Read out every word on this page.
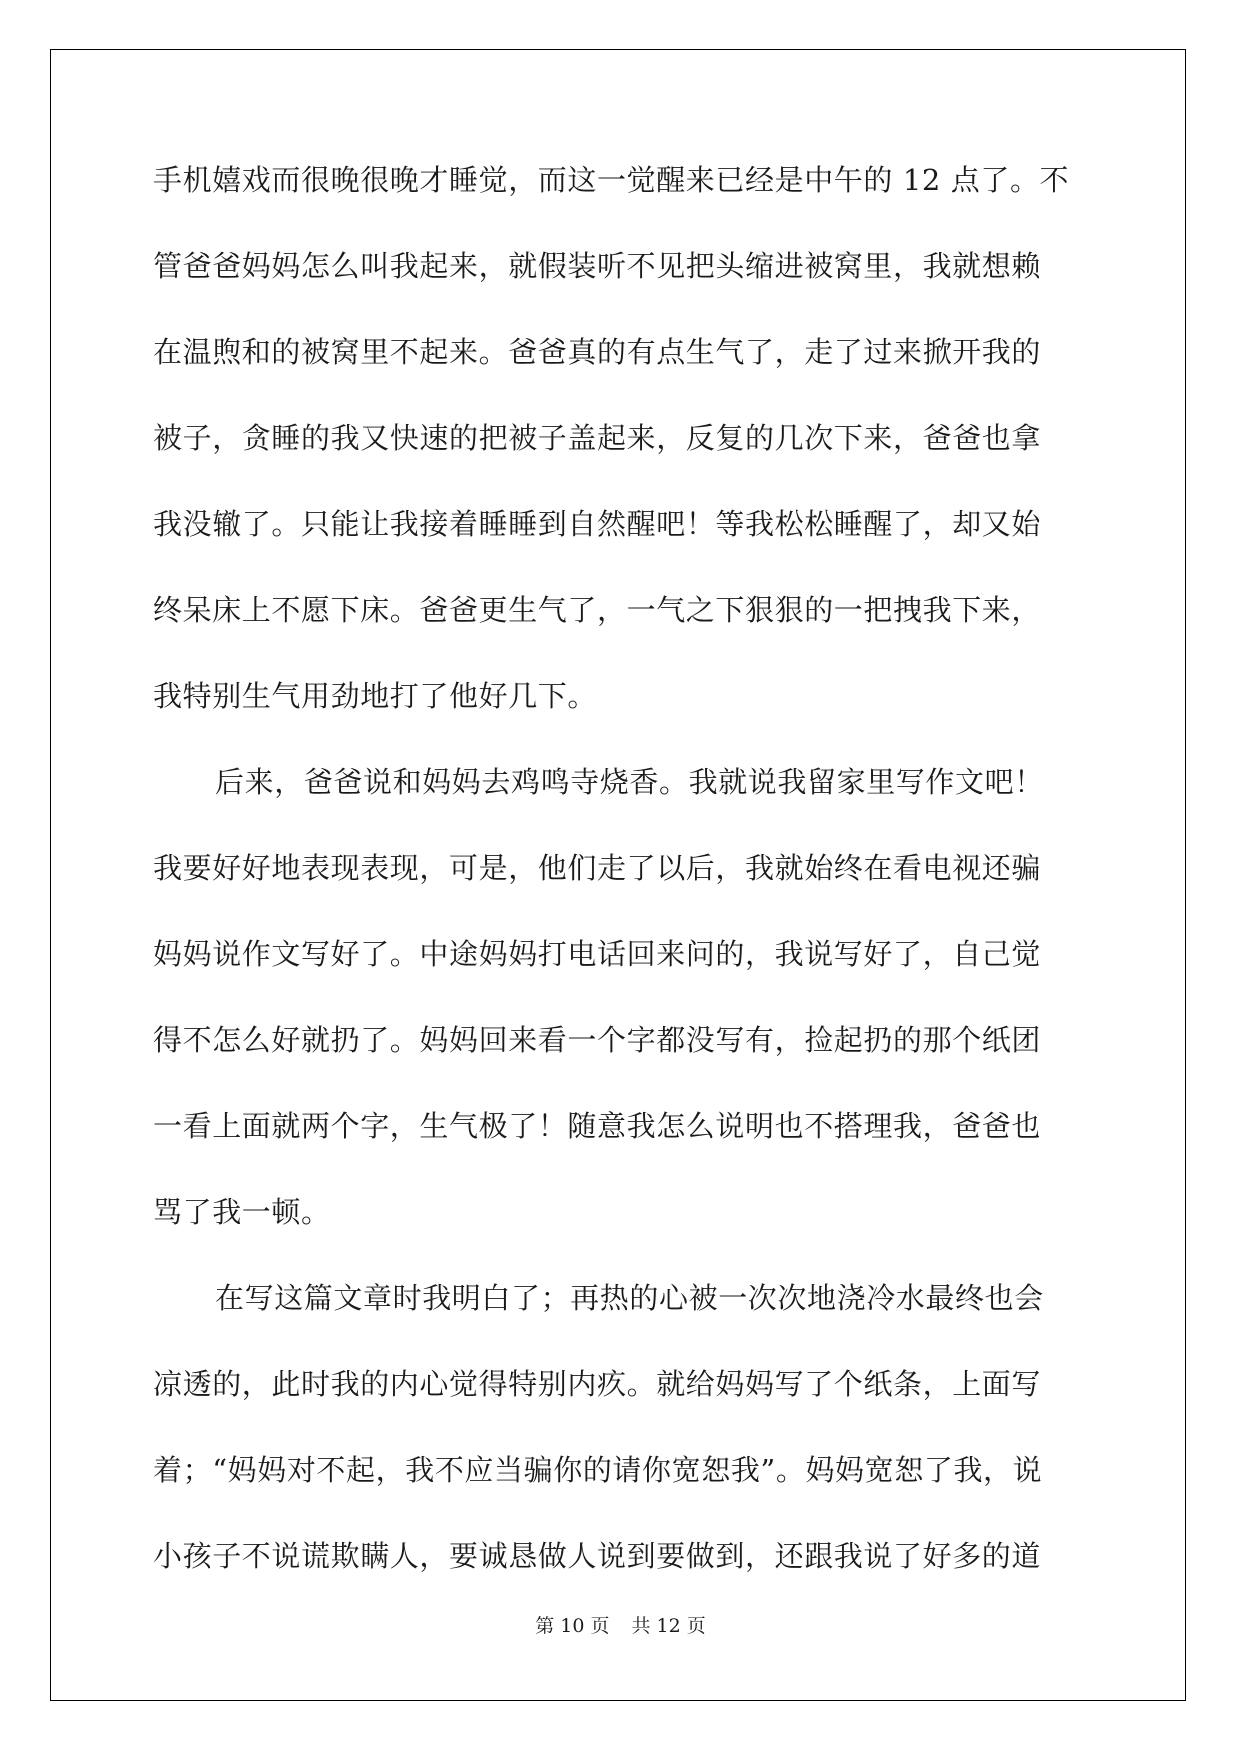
手机嬉戏而很晚很晚才睡觉，而这一觉醒来已经是中午的 12 点了。不
管爸爸妈妈怎么叫我起来，就假装听不见把头缩进被窝里，我就想赖
在温煦和的被窝里不起来。爸爸真的有点生气了，走了过来掀开我的
被子，贪睡的我又快速的把被子盖起来，反复的几次下来，爸爸也拿
我没辙了。只能让我接着睡睡到自然醒吧！等我松松睡醒了，却又始
终呆床上不愿下床。爸爸更生气了，一气之下狠狠的一把拽我下来，
我特别生气用劲地打了他好几下。
后来，爸爸说和妈妈去鸡鸣寺烧香。我就说我留家里写作文吧！
我要好好地表现表现，可是，他们走了以后，我就始终在看电视还骗
妈妈说作文写好了。中途妈妈打电话回来问的，我说写好了，自己觉
得不怎么好就扔了。妈妈回来看一个字都没写有，捡起扔的那个纸团
一看上面就两个字，生气极了！随意我怎么说明也不搭理我，爸爸也
骂了我一顿。
在写这篇文章时我明白了；再热的心被一次次地浇冷水最终也会
凉透的，此时我的内心觉得特别内疚。就给妈妈写了个纸条，上面写
着；“妈妈对不起，我不应当骗你的请你宽恕我”。妈妈宽恕了我，说
小孩子不说谎欺瞒人，要诚恳做人说到要做到，还跟我说了好多的道
第 10 页 共 12 页
